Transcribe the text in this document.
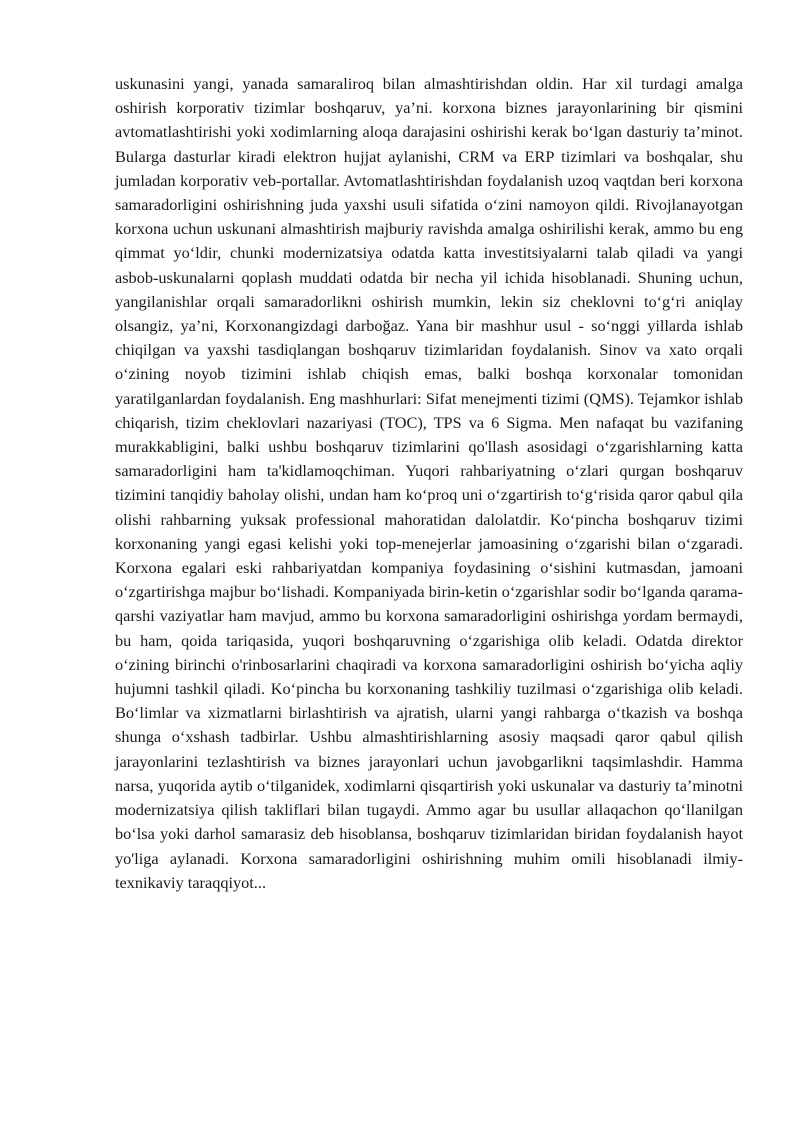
uskunasini yangi, yanada samaraliroq bilan almashtirishdan oldin. Har xil turdagi amalga oshirish korporativ tizimlar boshqaruv, ya’ni. korxona biznes jarayonlarining bir qismini avtomatlashtirishi yoki xodimlarning aloqa darajasini oshirishi kerak bo‘lgan dasturiy ta’minot. Bularga dasturlar kiradi elektron hujjat aylanishi, CRM va ERP tizimlari va boshqalar, shu jumladan korporativ veb-portallar. Avtomatlashtirishdan foydalanish uzoq vaqtdan beri korxona samaradorligini oshirishning juda yaxshi usuli sifatida o‘zini namoyon qildi. Rivojlanayotgan korxona uchun uskunani almashtirish majburiy ravishda amalga oshirilishi kerak, ammo bu eng qimmat yo‘ldir, chunki modernizatsiya odatda katta investitsiyalarni talab qiladi va yangi asbob-uskunalarni qoplash muddati odatda bir necha yil ichida hisoblanadi. Shuning uchun, yangilanishlar orqali samaradorlikni oshirish mumkin, lekin siz cheklovni to‘g‘ri aniqlay olsangiz, ya’ni, Korxonangizdagi darboğaz. Yana bir mashhur usul - so‘nggi yillarda ishlab chiqilgan va yaxshi tasdiqlangan boshqaruv tizimlaridan foydalanish. Sinov va xato orqali o‘zining noyob tizimini ishlab chiqish emas, balki boshqa korxonalar tomonidan yaratilganlardan foydalanish. Eng mashhurlari: Sifat menejmenti tizimi (QMS). Tejamkor ishlab chiqarish, tizim cheklovlari nazariyasi (TOC), TPS va 6 Sigma. Men nafaqat bu vazifaning murakkabligini, balki ushbu boshqaruv tizimlarini qo'llash asosidagi o‘zgarishlarning katta samaradorligini ham ta'kidlamoqchiman. Yuqori rahbariyatning o‘zlari qurgan boshqaruv tizimini tanqidiy baholay olishi, undan ham ko‘proq uni o‘zgartirish to‘g‘risida qaror qabul qila olishi rahbarning yuksak professional mahoratidan dalolatdir. Ko‘pincha boshqaruv tizimi korxonaning yangi egasi kelishi yoki top-menejerlar jamoasining o‘zgarishi bilan o‘zgaradi. Korxona egalari eski rahbariyatdan kompaniya foydasining o‘sishini kutmasdan, jamoani o‘zgartirishga majbur bo‘lishadi. Kompaniyada birin-ketin o‘zgarishlar sodir bo‘lganda qarama-qarshi vaziyatlar ham mavjud, ammo bu korxona samaradorligini oshirishga yordam bermaydi, bu ham, qoida tariqasida, yuqori boshqaruvning o‘zgarishiga olib keladi. Odatda direktor o‘zining birinchi o'rinbosarlarini chaqiradi va korxona samaradorligini oshirish bo‘yicha aqliy hujumni tashkil qiladi. Ko‘pincha bu korxonaning tashkiliy tuzilmasi o‘zgarishiga olib keladi. Bo‘limlar va xizmatlarni birlashtirish va ajratish, ularni yangi rahbarga o‘tkazish va boshqa shunga o‘xshash tadbirlar. Ushbu almashtirishlarning asosiy maqsadi qaror qabul qilish jarayonlarini tezlashtirish va biznes jarayonlari uchun javobgarlikni taqsimlashdir. Hamma narsa, yuqorida aytib o‘tilganidek, xodimlarni qisqartirish yoki uskunalar va dasturiy ta’minotni modernizatsiya qilish takliflari bilan tugaydi. Ammo agar bu usullar allaqachon qo‘llanilgan bo‘lsa yoki darhol samarasiz deb hisoblansa, boshqaruv tizimlaridan biridan foydalanish hayot yo'liga aylanadi. Korxona samaradorligini oshirishning muhim omili hisoblanadi ilmiy-texnikaviy taraqqiyot...
